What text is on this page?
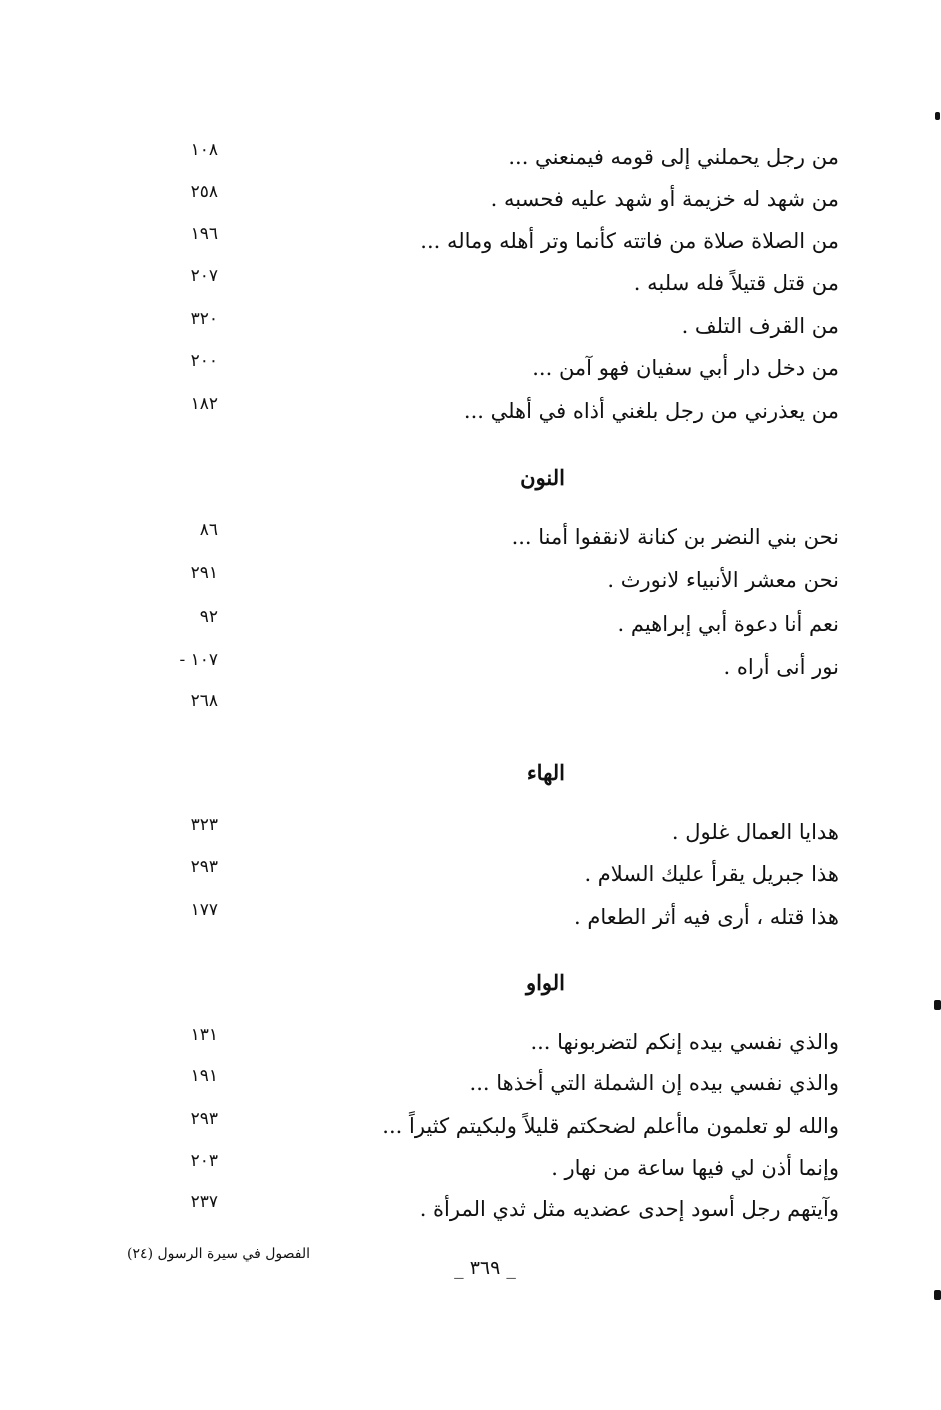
من رجل يحملني إلى قومه فيمنعني ...
١٠٨
من شهد له خزيمة أو شهد عليه فحسبه .
٢٥٨
من الصلاة صلاة من فاتته كأنما وتر أهله وماله ...
١٩٦
من قتل قتيلاً فله سلبه .
٢٠٧
من القرف التلف .
٣٢٠
من دخل دار أبي سفيان فهو آمن ...
٢٠٠
من يعذرني من رجل بلغني أذاه في أهلي ...
١٨٢
النون
نحن بني النضر بن كنانة لانقفوا أمنا ...
٨٦
نحن معشر الأنبياء لانورث .
٢٩١
نعم أنا دعوة أبي إبراهيم .
٩٢
نور أنى أراه .
١٠٧ -
٢٦٨
الهاء
هدايا العمال غلول .
٣٢٣
هذا جبريل يقرأ عليك السلام .
٢٩٣
هذا قتله ، أرى فيه أثر الطعام .
١٧٧
الواو
والذي نفسي بيده إنكم لتضربونها ...
١٣١
والذي نفسي بيده إن الشملة التي أخذها ...
١٩١
والله لو تعلمون ماأعلم لضحكتم قليلاً ولبكيتم كثيراً ...
٢٩٣
وإنما أذن لي فيها ساعة من نهار .
٢٠٣
وآيتهم رجل أسود إحدى عضديه مثل ثدي المرأة .
٢٣٧
الفصول في سيرة الرسول (٢٤)
_ ٣٦٩ _
